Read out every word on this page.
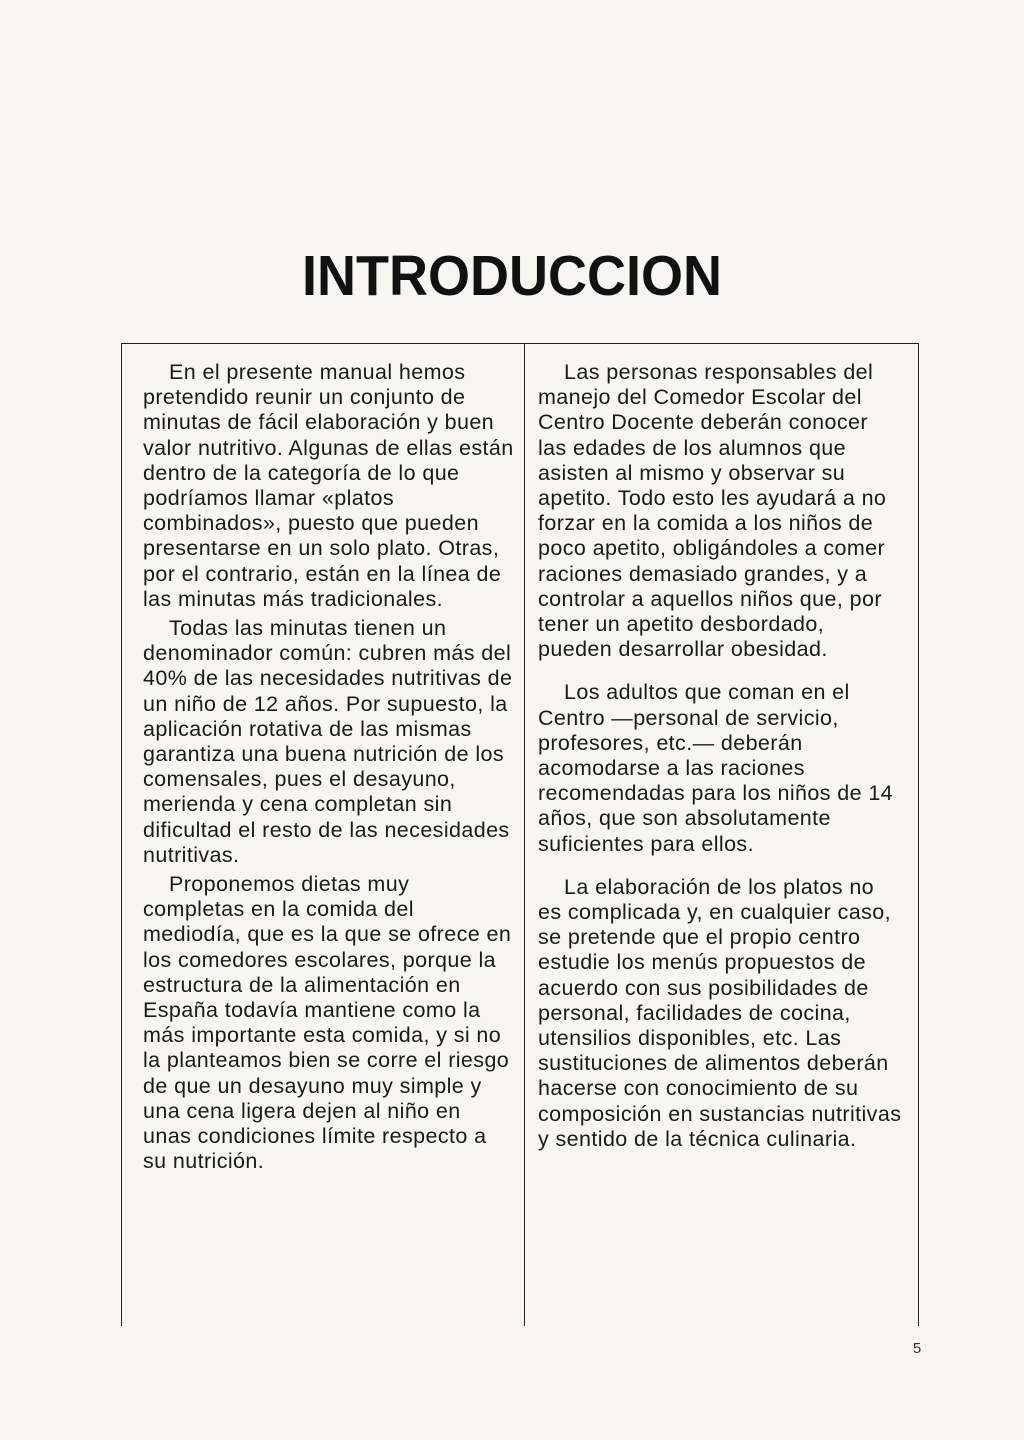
INTRODUCCION

En el presente manual hemos pretendido reunir un conjunto de minutas de fácil elaboración y buen valor nutritivo. Algunas de ellas están dentro de la categoría de lo que podríamos llamar «platos combinados», puesto que pueden presentarse en un solo plato. Otras, por el contrario, están en la línea de las minutas más tradicionales.

Todas las minutas tienen un denominador común: cubren más del 40% de las necesidades nutritivas de un niño de 12 años. Por supuesto, la aplicación rotativa de las mismas garantiza una buena nutrición de los comensales, pues el desayuno, merienda y cena completan sin dificultad el resto de las necesidades nutritivas.

Proponemos dietas muy completas en la comida del mediodía, que es la que se ofrece en los comedores escolares, porque la estructura de la alimentación en España todavía mantiene como la más importante esta comida, y si no la planteamos bien se corre el riesgo de que un desayuno muy simple y una cena ligera dejen al niño en unas condiciones límite respecto a su nutrición.

Las personas responsables del manejo del Comedor Escolar del Centro Docente deberán conocer las edades de los alumnos que asisten al mismo y observar su apetito. Todo esto les ayudará a no forzar en la comida a los niños de poco apetito, obligándoles a comer raciones demasiado grandes, y a controlar a aquellos niños que, por tener un apetito desbordado, pueden desarrollar obesidad.

Los adultos que coman en el Centro —personal de servicio, profesores, etc.— deberán acomodarse a las raciones recomendadas para los niños de 14 años, que son absolutamente suficientes para ellos.

La elaboración de los platos no es complicada y, en cualquier caso, se pretende que el propio centro estudie los menús propuestos de acuerdo con sus posibilidades de personal, facilidades de cocina, utensilios disponibles, etc. Las sustituciones de alimentos deberán hacerse con conocimiento de su composición en sustancias nutritivas y sentido de la técnica culinaria.

5
